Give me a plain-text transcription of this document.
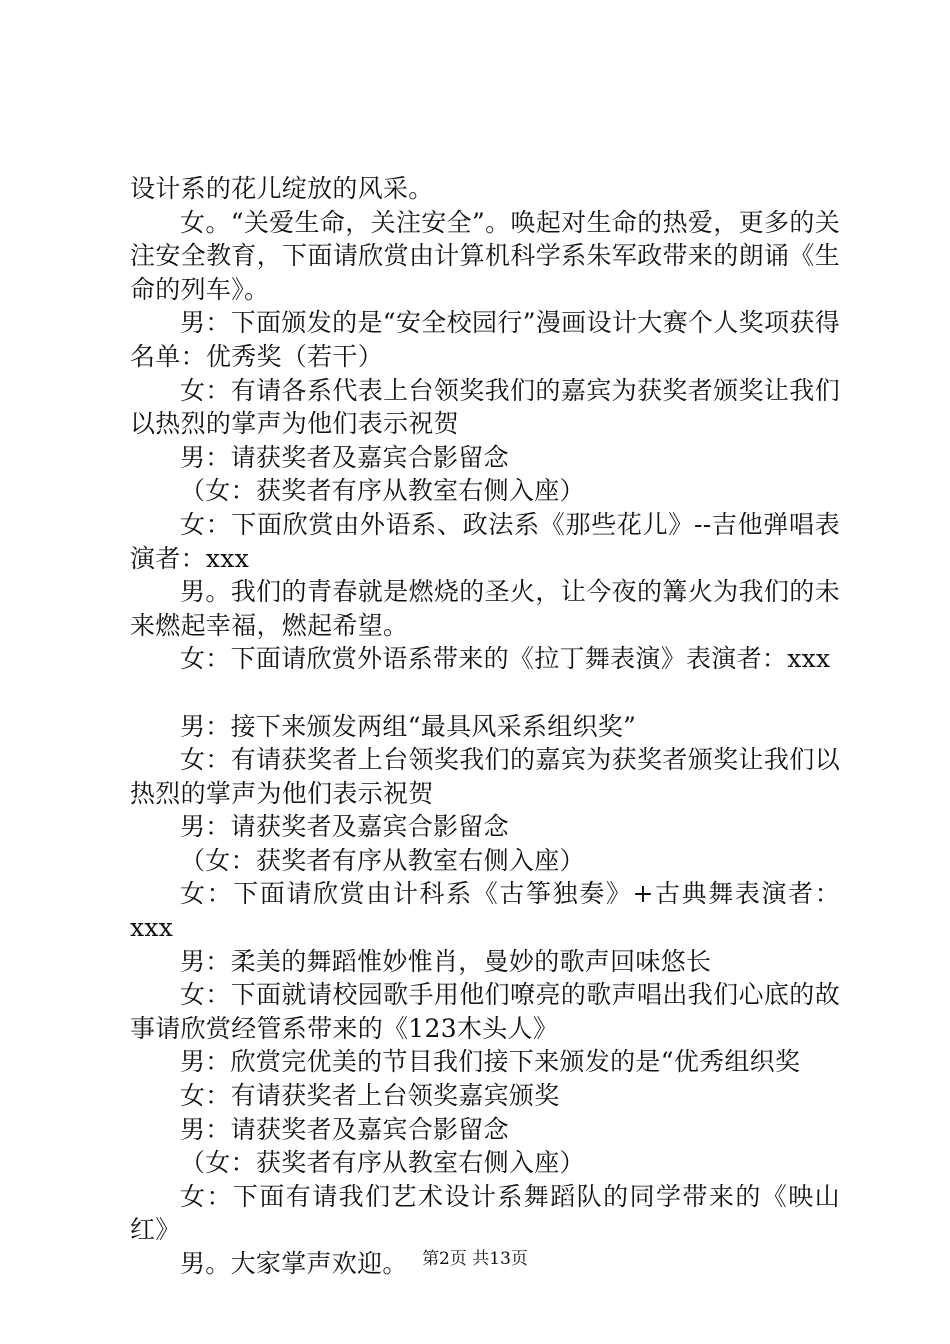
设计系的花儿绽放的风采。

女。“关爱生命，关注安全”。唤起对生命的热爱，更多的关注安全教育，下面请欣赏由计算机科学系朱军政带来的朗诵《生命的列车》。

男：下面颁发的是“安全校园行”漫画设计大赛个人奖项获得名单：优秀奖（若干）

女：有请各系代表上台领奖我们的嘉宾为获奖者颁奖让我们以热烈的掌声为他们表示祝贺

男：请获奖者及嘉宾合影留念

（女：获奖者有序从教室右侧入座）

女：下面欣赏由外语系、政法系《那些花儿》--吉他弹唱表演者：xxx

男。我们的青春就是燃烧的圣火，让今夜的篝火为我们的未来燃起幸福，燃起希望。

女：下面请欣赏外语系带来的《拉丁舞表演》表演者：xxx

男：接下来颁发两组“最具风采系组织奖”

女：有请获奖者上台领奖我们的嘉宾为获奖者颁奖让我们以热烈的掌声为他们表示祝贺

男：请获奖者及嘉宾合影留念

（女：获奖者有序从教室右侧入座）

女：下面请欣赏由计科系《古筝独奏》+古典舞表演者：xxx

男：柔美的舞蹈惟妙惟肖，曼妙的歌声回味悠长

女：下面就请校园歌手用他们嘹亮的歌声唱出我们心底的故事请欣赏经管系带来的《123木头人》

男：欣赏完优美的节目我们接下来颁发的是“优秀组织奖

女：有请获奖者上台领奖嘉宾颁奖

男：请获奖者及嘉宾合影留念

（女：获奖者有序从教室右侧入座）

女：下面有请我们艺术设计系舞蹈队的同学带来的《映山红》

男。大家掌声欢迎。 第2页 共13页
